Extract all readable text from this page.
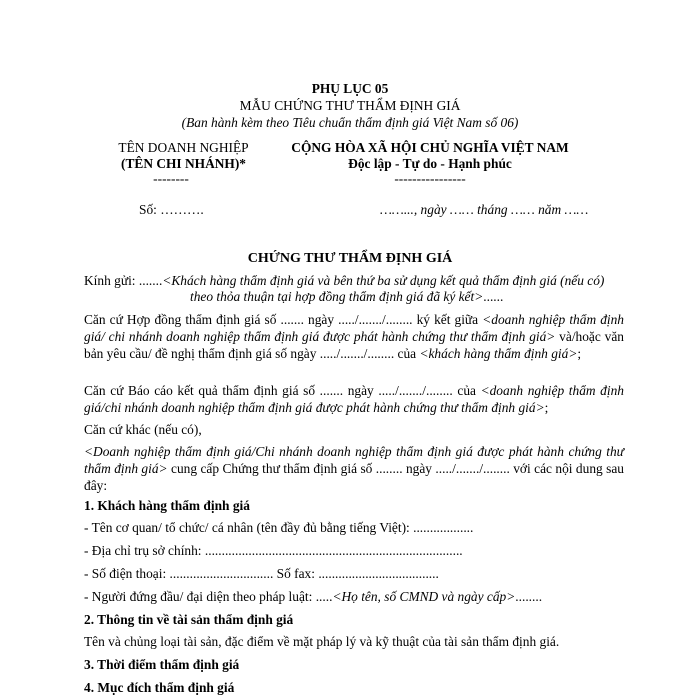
PHỤ LỤC 05
MẪU CHỨNG THƯ THẨM ĐỊNH GIÁ
(Ban hành kèm theo Tiêu chuẩn thẩm định giá Việt Nam số 06)
TÊN DOANH NGHIỆP
(TÊN CHI NHÁNH)*
--------
Số: ……….
CỘNG HÒA XÃ HỘI CHỦ NGHĨA VIỆT NAM
Độc lập - Tự do - Hạnh phúc
----------------
……..., ngày …… tháng …… năm ……
CHỨNG THƯ THẨM ĐỊNH GIÁ
Kính gửi: .......<Khách hàng thẩm định giá và bên thứ ba sử dụng kết quả thẩm định giá (nếu có)
theo thỏa thuận tại hợp đồng thẩm định giá đã ký kết>......
Căn cứ Hợp đồng thẩm định giá số ....... ngày ...../......./........ ký kết giữa <doanh nghiệp thẩm định giá/ chi nhánh doanh nghiệp thẩm định giá được phát hành chứng thư thẩm định giá> và/hoặc văn bản yêu cầu/ đề nghị thẩm định giá số ngày ...../......./........ của <khách hàng thẩm định giá>;
Căn cứ Báo cáo kết quả thẩm định giá số ....... ngày ...../......./........ của <doanh nghiệp thẩm định giá/chi nhánh doanh nghiệp thẩm định giá được phát hành chứng thư thẩm định giá>;
Căn cứ khác (nếu có),
<Doanh nghiệp thẩm định giá/Chi nhánh doanh nghiệp thẩm định giá được phát hành chứng thư thẩm định giá> cung cấp Chứng thư thẩm định giá số ........ ngày ...../......./........ với các nội dung sau đây:
1. Khách hàng thẩm định giá
- Tên cơ quan/ tổ chức/ cá nhân (tên đầy đủ bằng tiếng Việt): ..................
- Địa chỉ trụ sở chính: .............................................................................
- Số điện thoại: ............................... Số fax: ....................................
- Người đứng đầu/ đại diện theo pháp luật: .....<Họ tên, số CMND và ngày cấp>........
2. Thông tin về tài sản thẩm định giá
Tên và chủng loại tài sản, đặc điểm về mặt pháp lý và kỹ thuật của tài sản thẩm định giá.
3. Thời điểm thẩm định giá
4. Mục đích thẩm định giá
